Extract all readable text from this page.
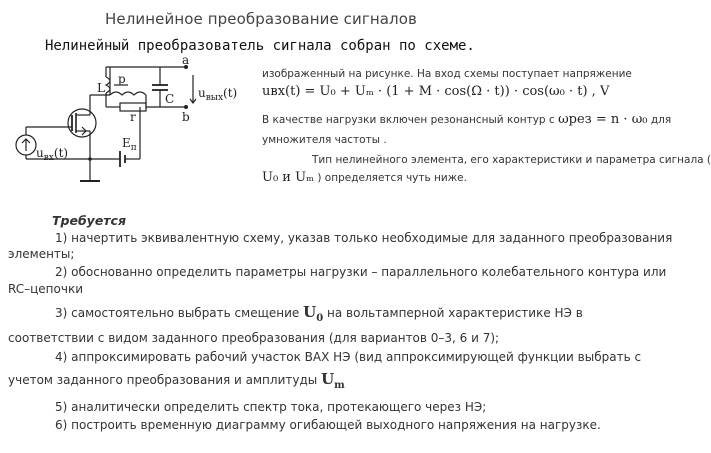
Нелинейное преобразование сигналов
Нелинейный преобразователь сигнала собран по схеме.
L
p
C
r
a
b
$u_{вых}(t)$
$u_{вх}(t)$
$E_п$
изображенный на рисунке. На вход схемы поступает напряжение
uвх(t) = U₀ + Uₘ · (1 + M · cos(Ω · t)) · cos(ω₀ · t) , V
В качестве нагрузки включен резонансный контур с ωрез = n · ω₀ для
умножителя частоты .
Тип нелинейного элемента, его характеристики и параметра сигнала (
U₀ и Uₘ ) определяется чуть ниже.
Требуется
1) начертить эквивалентную схему, указав только необходимые для заданного преобразования
элементы;
2) обоснованно определить параметры нагрузки – параллельного колебательного контура или
RC–цепочки
3) самостоятельно выбрать смещение $U_0$ на вольтамперной характеристике НЭ в
соответствии с видом заданного преобразования (для вариантов 0–3, 6 и 7);
4) аппроксимировать рабочий участок ВАХ НЭ (вид аппроксимирующей функции выбрать с
учетом заданного преобразования и амплитуды $U_m$
5) аналитически определить спектр тока, протекающего через НЭ;
6) построить временную диаграмму огибающей выходного напряжения на нагрузке.
